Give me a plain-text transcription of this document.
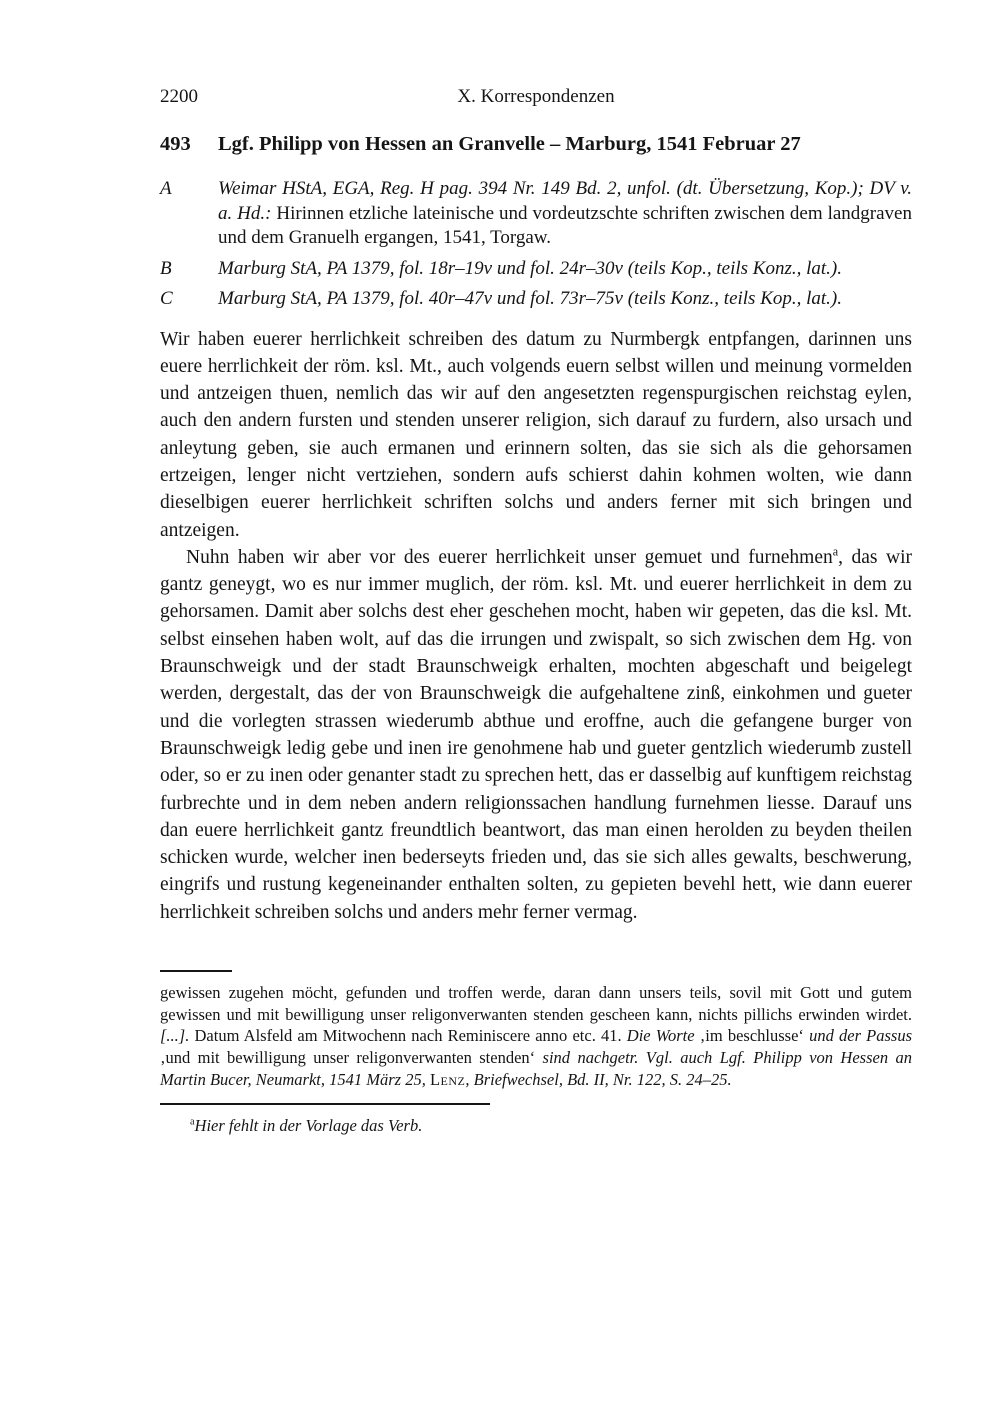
2200	X. Korrespondenzen
493	Lgf. Philipp von Hessen an Granvelle – Marburg, 1541 Februar 27
A	Weimar HStA, EGA, Reg. H pag. 394 Nr. 149 Bd. 2, unfol. (dt. Übersetzung, Kop.); DV v. a. Hd.: Hirinnen etzliche lateinische und vordeutzschte schriften zwischen dem landgraven und dem Granuelh ergangen, 1541, Torgaw.

B	Marburg StA, PA 1379, fol. 18r–19v und fol. 24r–30v (teils Kop., teils Konz., lat.).

C	Marburg StA, PA 1379, fol. 40r–47v und fol. 73r–75v (teils Konz., teils Kop., lat.).

Wir haben euerer herrlichkeit schreiben des datum zu Nurmbergk entpfangen, darinnen uns euere herrlichkeit der röm. ksl. Mt., auch volgends euern selbst willen und meinung vormelden und antzeigen thuen, nemlich das wir auf den angesetzten regenspurgischen reichstag eylen, auch den andern fursten und stenden unserer religion, sich darauf zu furdern, also ursach und anleytung geben, sie auch ermanen und erinnern solten, das sie sich als die gehorsamen ertzeigen, lenger nicht vertziehen, sondern aufs schierst dahin kohmen wolten, wie dann dieselbigen euerer herrlichkeit schriften solchs und anders ferner mit sich bringen und antzeigen.

Nuhn haben wir aber vor des euerer herrlichkeit unser gemuet und furnehmen$^a$, das wir gantz geneygt, wo es nur immer muglich, der röm. ksl. Mt. und euerer herrlichkeit in dem zu gehorsamen. Damit aber solchs dest eher geschehen mocht, haben wir gepeten, das die ksl. Mt. selbst einsehen haben wolt, auf das die irrungen und zwispalt, so sich zwischen dem Hg. von Braunschweigk und der stadt Braunschweigk erhalten, mochten abgeschaft und beigelegt werden, dergestalt, das der von Braunschweigk die aufgehaltene zinß, einkohmen und gueter und die vorlegten strassen wiederumb abthue und eroffne, auch die gefangene burger von Braunschweigk ledig gebe und inen ire genohmene hab und gueter gentzlich wiederumb zustell oder, so er zu inen oder genanter stadt zu sprechen hett, das er dasselbig auf kunftigem reichstag furbrechte und in dem neben andern religionssachen handlung furnehmen liesse. Darauf uns dan euere herrlichkeit gantz freundtlich beantwort, das man einen herolden zu beyden theilen schicken wurde, welcher inen bederseyts frieden und, das sie sich alles gewalts, beschwerung, eingrifs und rustung kegeneinander enthalten solten, zu gepieten bevehl hett, wie dann euerer herrlichkeit schreiben solchs und anders mehr ferner vermag.

gewissen zugehen möcht, gefunden und troffen werde, daran dann unsers teils, sovil mit Gott und gutem gewissen und mit bewilligung unser religonverwanten stenden gescheen kann, nichts pillichs erwinden wirdet. [...]. Datum Alsfeld am Mitwochenn nach Reminiscere anno etc. 41. Die Worte ‚im beschlusse‘ und der Passus ‚und mit bewilligung unser religonverwanten stenden‘ sind nachgetr. Vgl. auch Lgf. Philipp von Hessen an Martin Bucer, Neumarkt, 1541 März 25, Lenz, Briefwechsel, Bd. II, Nr. 122, S. 24–25.

$^a$Hier fehlt in der Vorlage das Verb.
